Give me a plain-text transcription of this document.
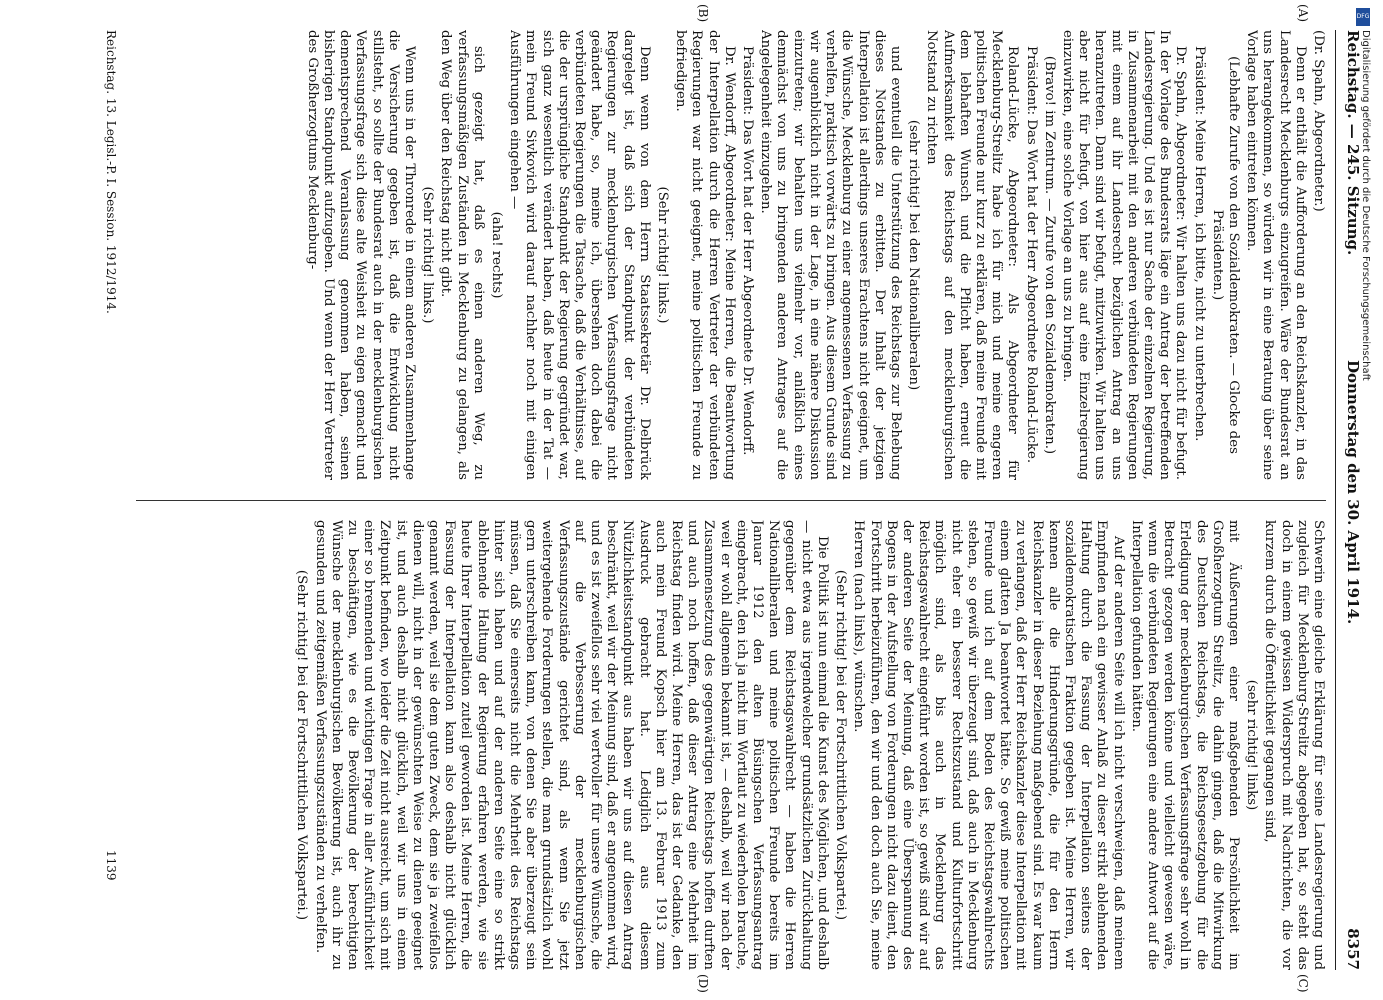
Reichstag. — 245. Sitzung.
Donnerstag den 30. April 1914.
8357
(A)
(B)
(C)
(D)

(Dr. Spahn, Abgeordneter.)

Denn er enthält die Aufforderung an den Reichskanzler, in das Landesrecht Mecklenburgs einzugreifen. Wäre der Bundesrat an uns herangekommen, so würden wir in eine Beratung über seine Vorlage haben eintreten können.

(Lebhafte Zurufe von den Sozialdemokraten. — Glocke des Präsidenten.)

Präsident: Meine Herren, ich bitte, nicht zu unterbrechen.

Dr. Spahn, Abgeordneter: Wir halten uns dazu nicht für befugt. In der Vorlage des Bundesrats läge ein Antrag der betreffenden Landesregierung. Und es ist nur Sache der einzelnen Regierung, in Zusammenarbeit mit den anderen verbündeten Regierungen mit einem auf ihr Landesrecht bezüglichen Antrag an uns heranzutreten. Dann sind wir befugt, mitzuwirken. Wir halten uns aber nicht für befugt, von hier aus auf eine Einzelregierung einzuwirken, eine solche Vorlage an uns zu bringen.

(Bravo! im Zentrum. — Zurufe von den Sozialdemokraten.)

Präsident: Das Wort hat der Herr Abgeordnete Roland-Lücke.

Roland-Lücke, Abgeordneter: Als Abgeordneter für Mecklenburg-Strelitz habe ich für mich und meine engeren politischen Freunde nur kurz zu erklären, daß meine Freunde mit dem lebhaften Wunsch und die Pflicht haben, erneut die Aufmerksamkeit des Reichstags auf den mecklenburgischen Notstand zu richten

(sehr richtig! bei den Nationalliberalen)

und eventuell die Unterstützung des Reichstags zur Behebung dieses Notstandes zu erbitten. Der Inhalt der jetzigen Interpellation ist allerdings unseres Erachtens nicht geeignet, um die Wünsche, Mecklenburg zu einer angemessenen Verfassung zu verhelfen, praktisch vorwärts zu bringen. Aus diesem Grunde sind wir augenblicklich nicht in der Lage, in eine nähere Diskussion einzutreten; wir behalten uns vielmehr vor, anläßlich eines demnächst von uns zu bringenden anderen Antrages auf die Angelegenheit einzugehen.

Präsident: Das Wort hat der Herr Abgeordnete Dr. Wendorff.

Dr. Wendorff, Abgeordneter: Meine Herren, die Beantwortung der Interpellation durch die Herren Vertreter der verbündeten Regierungen war nicht geeignet, meine politischen Freunde zu befriedigen.

(Sehr richtig! links.)

Denn wenn von dem Herrn Staatssekretär Dr. Delbrück dargelegt ist, daß sich der Standpunkt der verbündeten Regierungen zur mecklenburgischen Verfassungsfrage nicht geändert habe, so, meine ich, übersehen doch dabei die verbündeten Regierungen die Tatsache, daß die Verhältnisse, auf die der ursprüngliche Standpunkt der Regierung gegründet war, sich ganz wesentlich verändert haben, daß heute in der Tat — mein Freund Sivkovich wird darauf nachher noch mit einigen Ausführungen eingehen —

(aha! rechts)

sich gezeigt hat, daß es einen anderen Weg, zu verfassungsmäßigen Zuständen in Mecklenburg zu gelangen, als den Weg über den Reichstag nicht gibt.

(Sehr richtig! links.)

Wenn uns in der Thronrede in einem anderen Zusammenhange die Versicherung gegeben ist, daß die Entwicklung nicht stillsteht, so sollte der Bundesrat auch in der mecklenburgischen Verfassungsfrage sich diese alte Weisheit zu eigen gemacht und dementsprechend Veranlassung genommen haben, seinen bisherigen Standpunkt aufzugeben. Und wenn der Herr Vertreter des Großherzogtums Mecklenburg-

Schwerin eine gleiche Erklärung für seine Landesregierung und zugleich für Mecklenburg-Strelitz abgegeben hat, so steht das doch in einem gewissen Widerspruch mit Nachrichten, die vor kurzem durch die Öffentlichkeit gegangen sind,

(sehr richtig! links)

mit Äußerungen einer maßgebenden Persönlichkeit im Großherzogtum Strelitz, die dahin gingen, daß die Mitwirkung des Deutschen Reichstags, die Reichsgesetzgebung für die Erledigung der mecklenburgischen Verfassungsfrage sehr wohl in Betracht gezogen werden könne und vielleicht gewesen wäre, wenn die verbündeten Regierungen eine andere Antwort auf die Interpellation gefunden hätten.

Auf der anderen Seite will ich nicht verschweigen, daß meinem Empfinden nach ein gewisser Anlaß zu dieser strikt ablehnenden Haltung durch die Fassung der Interpellation seitens der sozialdemokratischen Fraktion gegeben ist. Meine Herren, wir kennen alle die Hinderungsgründe, die für den Herrn Reichskanzler in dieser Beziehung maßgebend sind. Es war kaum zu verlangen, daß der Herr Reichskanzler diese Interpellation mit einem glatten Ja beantwortet hätte. So gewiß meine politischen Freunde und ich auf dem Boden des Reichstagswahlrechts stehen, so gewiß wir überzeugt sind, daß auch in Mecklenburg nicht eher ein besserer Rechtszustand und Kulturfortschritt möglich sind, als bis auch in Mecklenburg das Reichstagswahlrecht eingeführt worden ist, so gewiß sind wir auf der anderen Seite der Meinung, daß eine Überspannung des Bogens in der Aufstellung von Forderungen nicht dazu dient, den Fortschritt herbeizuführen, den wir und den doch auch Sie, meine Herren (nach links), wünschen.

(Sehr richtig! bei der Fortschrittlichen Volkspartei.)

Die Politik ist nun einmal die Kunst des Möglichen, und deshalb — nicht etwa aus irgendwelcher grundsätzlichen Zurückhaltung gegenüber dem Reichstagswahlrecht — haben die Herren Nationalliberalen und meine politischen Freunde bereits im Januar 1912 den alten Büsingschen Verfassungsantrag eingebracht, den ich ja nicht im Wortlaut zu wiederholen brauche, weil er wohl allgemein bekannt ist, — deshalb, weil wir nach der Zusammensetzung des gegenwärtigen Reichstags hoffen durften und auch noch hoffen, daß dieser Antrag eine Mehrheit im Reichstag finden wird. Meine Herren, das ist der Gedanke, den auch mein Freund Kopsch hier am 13. Februar 1913 zum Ausdruck gebracht hat. Lediglich aus diesem Nützlichkeitsstandpunkt aus haben wir uns auf diesen Antrag beschränkt, weil wir der Meinung sind, daß er angenommen wird, und es ist zweifellos sehr viel wertvoller für unsere Wünsche, die auf die Verbesserung der mecklenburgischen Verfassungszustände gerichtet sind, als wenn Sie jetzt weitergehende Forderungen stellen, die man grundsätzlich wohl gern unterschreiben kann, von denen Sie aber überzeugt sein müssen, daß Sie einerseits nicht die Mehrheit des Reichstags hinter sich haben und auf der anderen Seite eine so strikt ablehnende Haltung der Regierung erfahren werden, wie sie heute Ihrer Interpellation zuteil geworden ist. Meine Herren, die Fassung der Interpellation kann also deshalb nicht glücklich genannt werden, weil sie dem guten Zweck, dem sie ja zweifellos dienen will, nicht in der gewünschten Weise zu dienen geeignet ist, und auch deshalb nicht glücklich, weil wir uns in einem Zeitpunkt befinden, wo leider die Zeit nicht ausreicht, um sich mit einer so brennenden und wichtigen Frage in aller Ausführlichkeit zu beschäftigen, wie es die Bevölkerung der berechtigten Wünsche der mecklenburgischen Bevölkerung ist, auch ihr zu gesunden und zeitgemäßen Verfassungszuständen zu verhelfen.

(Sehr richtig! bei der Fortschrittlichen Volkspartei.)

Reichstag. 13. Legisl.-P. I. Session. 1912/1914.
1139
DFG
Digitalisierung gefördert durch die Deutsche Forschungsgemeinschaft
